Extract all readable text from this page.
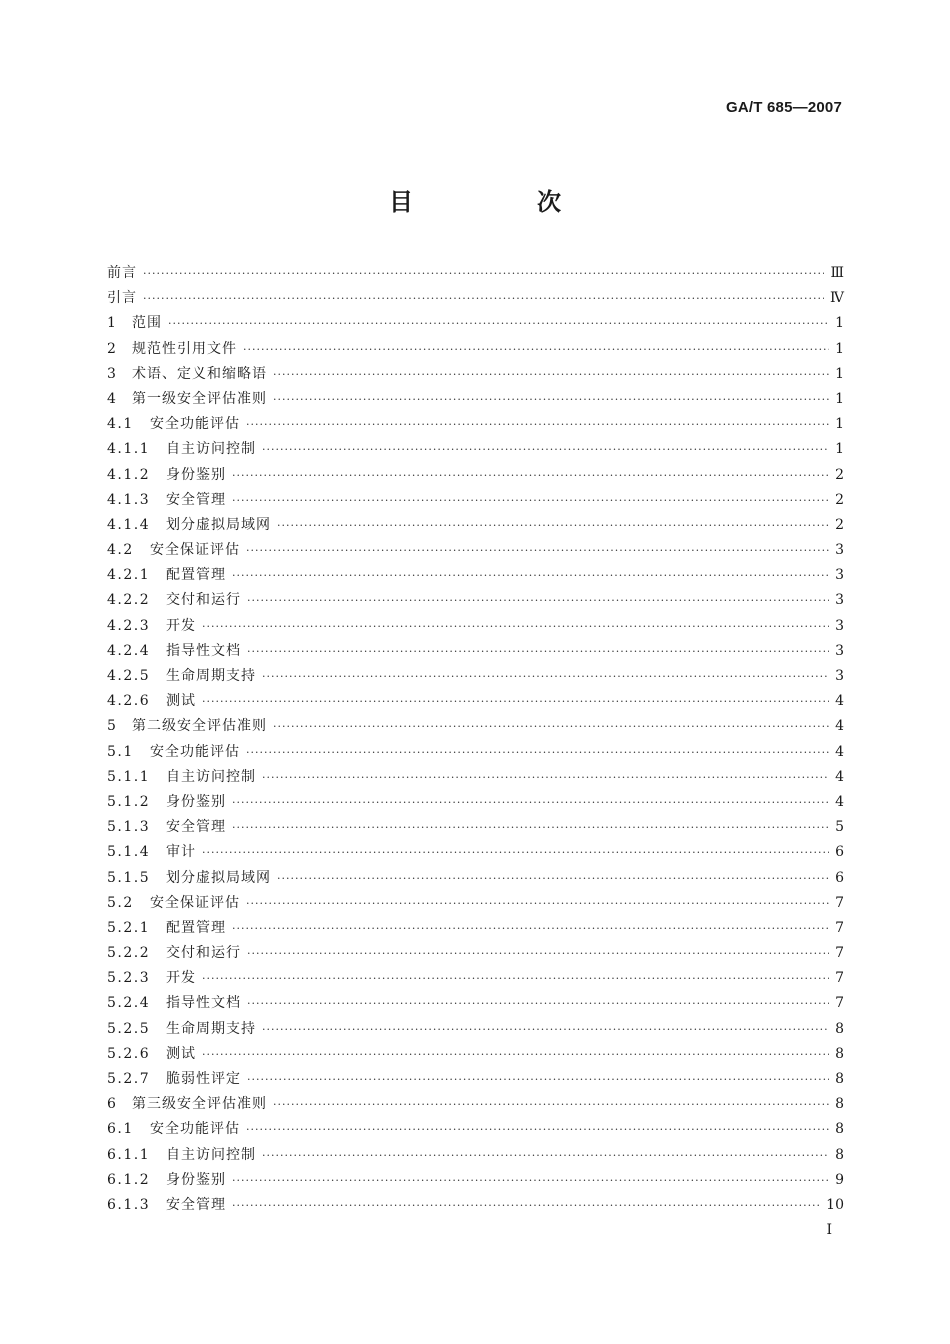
GA/T 685—2007
目　次
前言 ·····	Ⅲ
引言 ·····	Ⅳ
1 范围 ·····	1
2 规范性引用文件 ·····	1
3 术语、定义和缩略语 ·····	1
4 第一级安全评估准则 ·····	1
4.1 安全功能评估 ·····	1
4.1.1 自主访问控制 ·····	1
4.1.2 身份鉴别 ·····	2
4.1.3 安全管理 ·····	2
4.1.4 划分虚拟局域网 ·····	2
4.2 安全保证评估 ·····	3
4.2.1 配置管理 ·····	3
4.2.2 交付和运行 ·····	3
4.2.3 开发 ·····	3
4.2.4 指导性文档 ·····	3
4.2.5 生命周期支持 ·····	3
4.2.6 测试 ·····	4
5 第二级安全评估准则 ·····	4
5.1 安全功能评估 ·····	4
5.1.1 自主访问控制 ·····	4
5.1.2 身份鉴别 ·····	4
5.1.3 安全管理 ·····	5
5.1.4 审计 ·····	6
5.1.5 划分虚拟局域网 ·····	6
5.2 安全保证评估 ·····	7
5.2.1 配置管理 ·····	7
5.2.2 交付和运行 ·····	7
5.2.3 开发 ·····	7
5.2.4 指导性文档 ·····	7
5.2.5 生命周期支持 ·····	8
5.2.6 测试 ·····	8
5.2.7 脆弱性评定 ·····	8
6 第三级安全评估准则 ·····	8
6.1 安全功能评估 ·····	8
6.1.1 自主访问控制 ·····	8
6.1.2 身份鉴别 ·····	9
6.1.3 安全管理 ·····	10
I
